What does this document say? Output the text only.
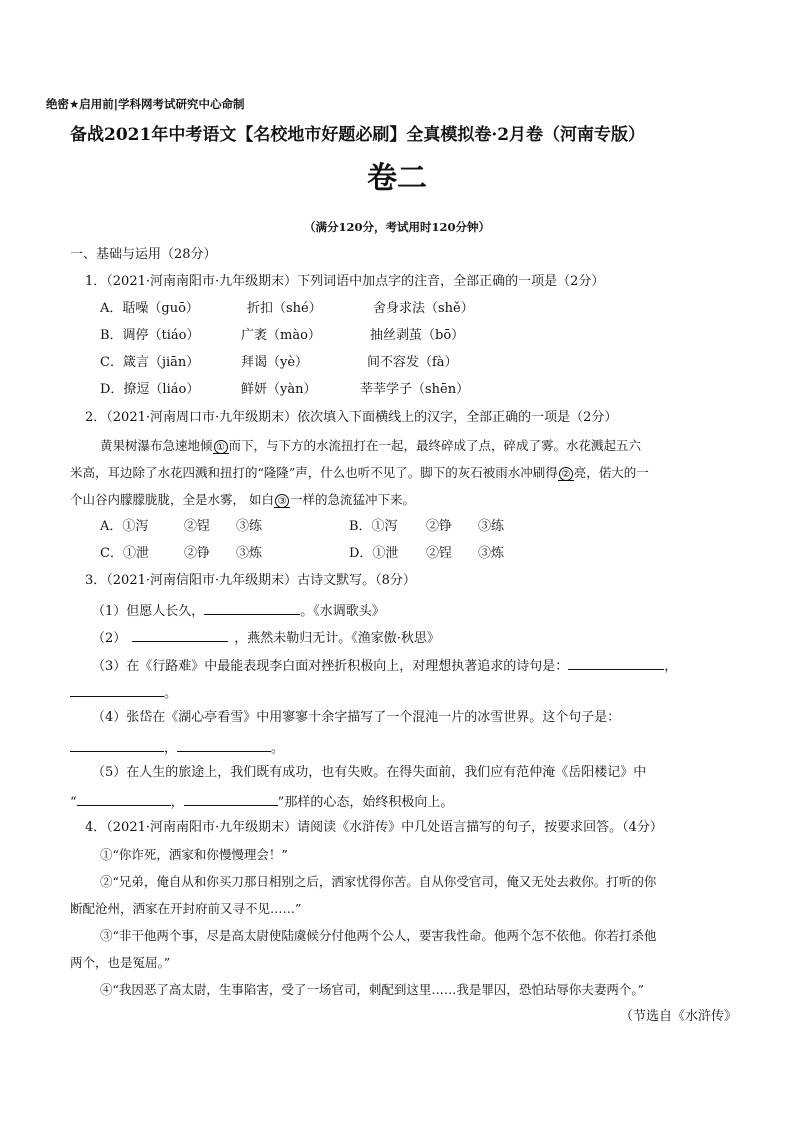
绝密★启用前|学科网考试研究中心命制
备战2021年中考语文【名校地市好题必刷】全真模拟卷·2月卷（河南专版）
卷二
（满分120分，考试用时120分钟）
一、基础与运用（28分）
1．（2021·河南南阳市·九年级期末）下列词语中加点字的注音，全部正确的一项是（2分）
A．聒噪（guō）	折扣（shé）	舍身求法（shě）
B．调停（tiáo）	广袤（mào）	抽丝剥茧（bō）
C．箴言（jiān）	拜谒（yè）	间不容发（fà）
D．撩逗（liáo）	鲜妍（yàn）	莘莘学子（shēn）
2．（2021·河南周口市·九年级期末）依次填入下面横线上的汉字，全部正确的一项是（2分）
黄果树瀑布急速地倾 ① 而下，与下方的水流扭打在一起，最终碎成了点，碎成了雾。水花溅起五六
米高，耳边除了水花四溅和扭打的“隆隆”声，什么也听不见了。脚下的灰石被雨水冲刷得 ② 亮，偌大的一
个山谷内朦朦胧胧，全是水雾， 如白 ③ 一样的急流猛冲下来。
A．①泻	②锃 ③练	B．①泻 ②铮 ③练
C．①泄	②铮 ③炼	D．①泄 ②锃 ③炼
3．（2021·河南信阳市·九年级期末）古诗文默写。（8分）
（1）但愿人长久，	。《水调歌头》
（2）	，燕然未勒归无计。《渔家傲·秋思》
（3）在《行路难》中最能表现李白面对挫折积极向上，对理想执著追求的诗句是：	，
。
（4）张岱在《湖心亭看雪》中用寥寥十余字描写了一个混沌一片的冰雪世界。这个句子是：
，	。
（5）在人生的旅途上，我们既有成功，也有失败。在得失面前，我们应有范仲淹《岳阳楼记》中
“	，	”那样的心态，始终积极向上。
4．（2021·河南南阳市·九年级期末）请阅读《水浒传》中几处语言描写的句子，按要求回答。（4分）
①“你诈死，洒家和你慢慢理会！”
②“兄弟，俺自从和你买刀那日相别之后，洒家忧得你苦。自从你受官司，俺又无处去救你。打听的你
断配沧州，洒家在开封府前又寻不见……”
③“非干他两个事，尽是高太尉使陆虞候分付他两个公人，要害我性命。他两个怎不依他。你若打杀他
两个，也是冤屈。”
④“我因恶了高太尉，生事陷害，受了一场官司，刺配到这里……我是罪囚，恐怕玷辱你夫妻两个。”
（节选自《水浒传》
